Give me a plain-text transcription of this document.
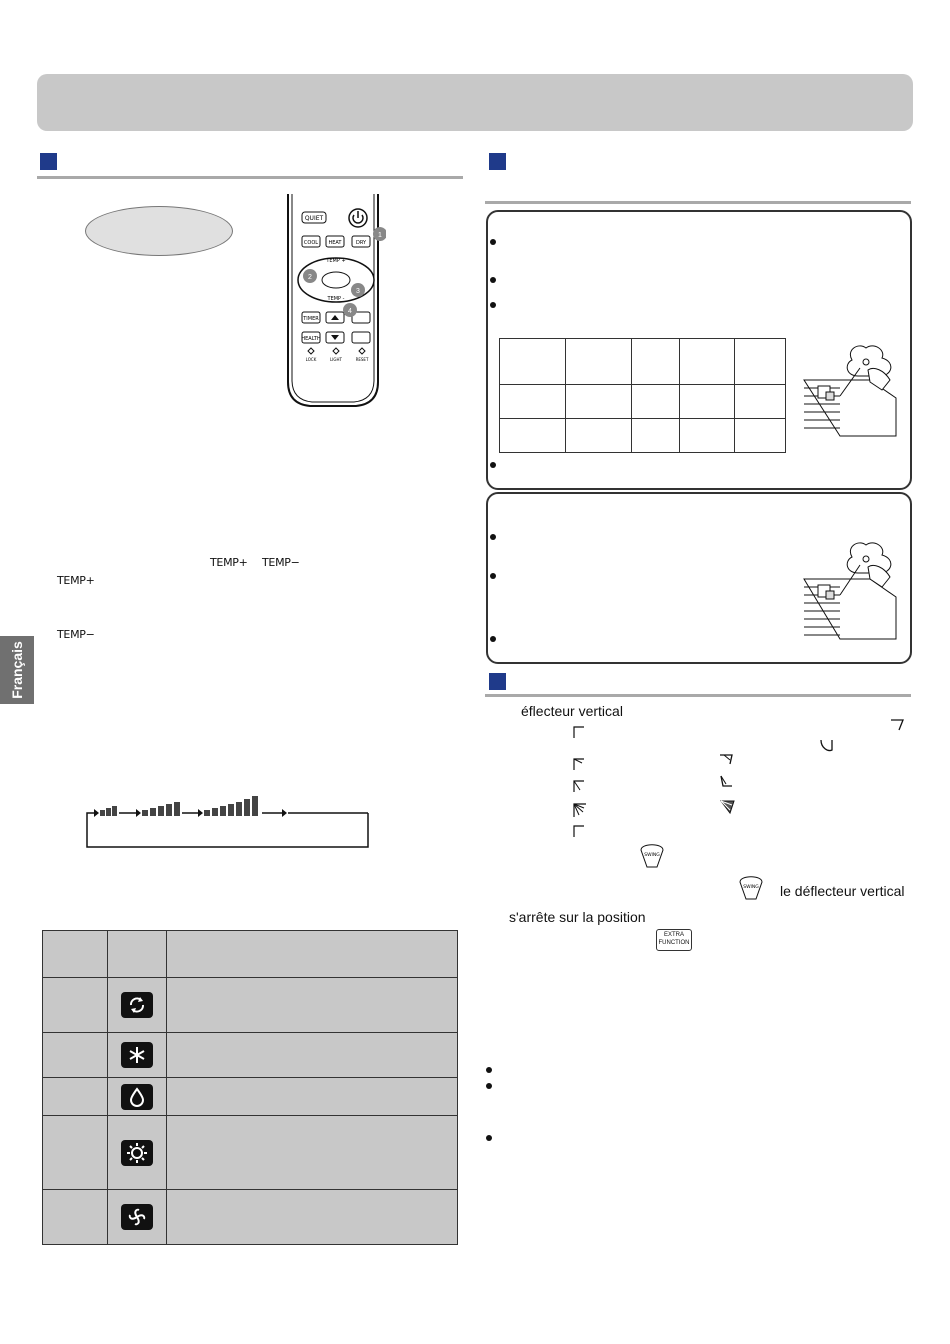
Français
QUIET
COOL HEAT	DRY
TEMP +
TEMP -
TIMER
HEALTH
LOCK	LIGHT	RESET
1
2
3
4
TEMP+ TEMP−
TEMP+
TEMP−

éflecteur vertical
SWING
SWING le déflecteur vertical
s'arrête sur la position
EXTRA
FUNCTION
